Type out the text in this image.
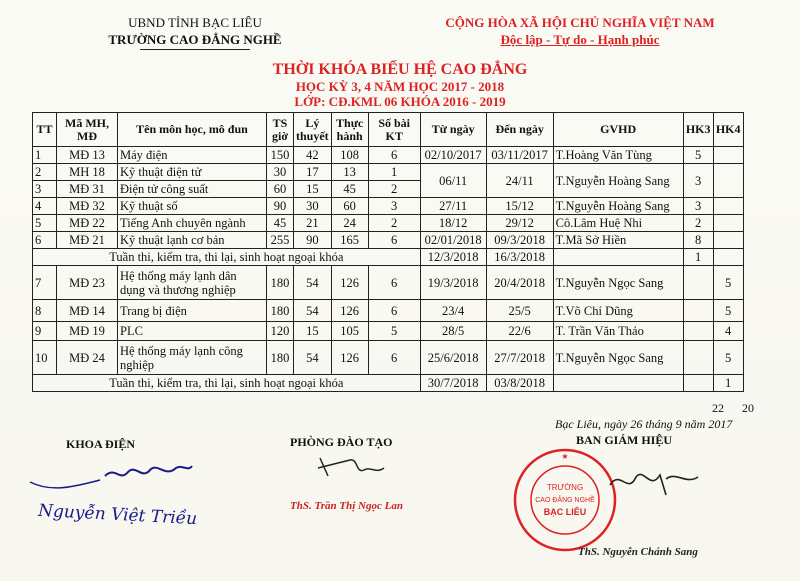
UBND TỈNH BẠC LIÊU
TRƯỜNG CAO ĐẲNG NGHỀ
CỘNG HÒA XÃ HỘI CHỦ NGHĨA VIỆT NAM
Độc lập - Tự do - Hạnh phúc
THỜI KHÓA BIỂU HỆ CAO ĐẲNG
HỌC KỲ 3, 4 NĂM HỌC 2017 - 2018
LỚP: CĐ.KML 06 KHÓA 2016 - 2019
TT	Mã MH, MĐ	Tên môn học, mô đun	TS giờ	Lý thuyết	Thực hành	Số bài KT	Từ ngày	Đến ngày	GVHD	HK3	HK4
1	MĐ 13	Máy điện	150	42	108	6	02/10/2017	03/11/2017	T.Hoàng Văn Tùng	5	
2	MH 18	Kỹ thuật điện tử	30	17	13	1	06/11	24/11	T.Nguyễn Hoàng Sang	3	
3	MĐ 31	Điện tử công suất	60	15	45	2					
4	MĐ 32	Kỹ thuật số	90	30	60	3	27/11	15/12	T.Nguyễn Hoàng Sang	3	
5	MĐ 22	Tiếng Anh chuyên ngành	45	21	24	2	18/12	29/12	Cô.Lâm Huệ Nhi	2	
6	MĐ 21	Kỹ thuật lạnh cơ bản	255	90	165	6	02/01/2018	09/3/2018	T.Mã Sở Hiền	8	
Tuần thi, kiểm tra, thi lại, sinh hoạt ngoại khóa							12/3/2018	16/3/2018		1	
7	MĐ 23	Hệ thống máy lạnh dân dụng và thương nghiệp	180	54	126	6	19/3/2018	20/4/2018	T.Nguyễn Ngọc Sang		5
8	MĐ 14	Trang bị điện	180	54	126	6	23/4	25/5	T.Võ Chí Dũng		5
9	MĐ 19	PLC	120	15	105	5	28/5	22/6	T. Trần Văn Thảo		4
10	MĐ 24	Hệ thống máy lạnh công nghiệp	180	54	126	6	25/6/2018	27/7/2018	T.Nguyễn Ngọc Sang		5
Tuần thi, kiểm tra, thi lại, sinh hoạt ngoại khóa							30/7/2018	03/8/2018			1
22 20
Bạc Liêu, ngày 26 tháng 9 năm 2017
KHOA ĐIỆN	PHÒNG ĐÀO TẠO	BAN GIÁM HIỆU
Nguyễn Việt Triều	ThS. Trần Thị Ngọc Lan
★
TRƯỜNG
CAO ĐẲNG NGHỀ
BẠC LIÊU
ThS. Nguyễn Chánh Sang
